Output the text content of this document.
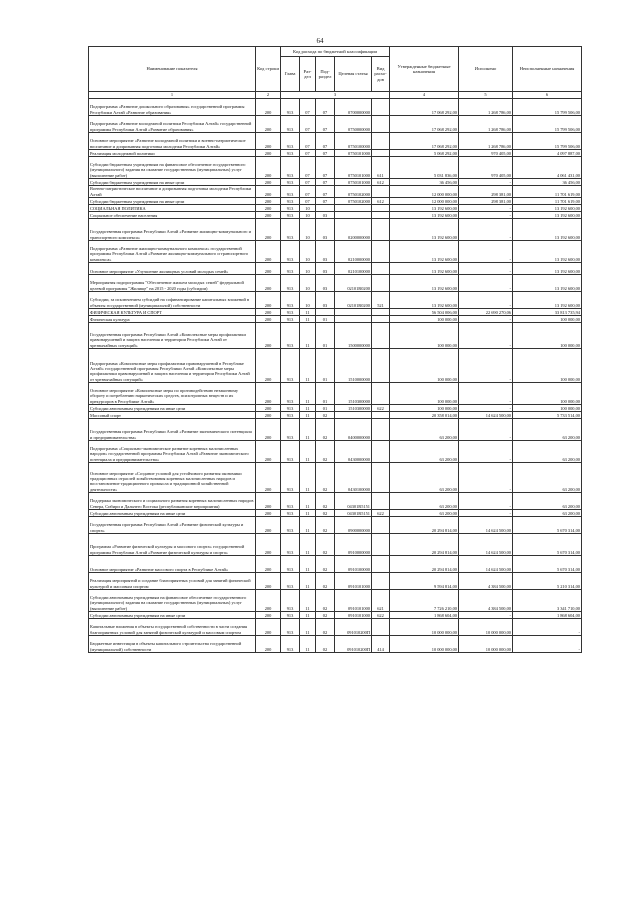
64
Наименование показателя	Код строки	Код расхода по бюджетной классификации					Утвержденные бюджетные назначения	Исполнено	Неисполненные назначения
		Главa	Раз-дел	Под-раздел	Целевая статья	Вид расхо-дов			
1	2	3					4	5	6
Подпрограмма «Развитие дошкольного образования» государственной программы Республики Алтай «Развитие образования»	200	913	07	07	0700000000		17 068 292,00	1 268 786,00	15 799 506,00
Подпрограмма «Развитие молодежной политики Республики Алтай» государственной программы Республики Алтай «Развитие образования»	200	913	07	07	0750000000		17 068 292,00	1 268 786,00	15 799 506,00
Основное мероприятие «Развитие молодежной политики и военно-патриотическое воспитание и допризывная подготовка молодежи Республики Алтай»	200	913	07	07	0750100000		17 068 292,00	1 268 786,00	15 799 506,00
Реализация молодежной политики	200	913	07	07	0750101000		5 068 292,00	970 405,00	4 097 887,00
Субсидии бюджетным учреждениям на финансовое обеспечение государственного (муниципального) задания на оказание государственных (муниципальных) услуг (выполнение работ)	200	913	07	07	0750101000	611	5 031 836,00	970 405,00	4 061 431,00
Субсидии бюджетным учреждениям на иные цели	200	913	07	07	0750101000	612	36 456,00	-	36 456,00
Военно-патриотическое воспитание и допризывная подготовка молодежи Республики Алтай	200	913	07	07	0750102000		12 000 000,00	298 381,00	11 701 619,00
Субсидии бюджетным учреждениям на иные цели	200	913	07	07	0750102000	612	12 000 000,00	298 381,00	11 701 619,00
СОЦИАЛЬНАЯ ПОЛИТИКА	200	913	10				13 192 600,00	-	13 192 600,00
Социальное обеспечение населения	200	913	10	03			13 192 600,00	-	13 192 600,00
Государственная программа Республики Алтай «Развитие жилищно-коммунального и транспортного комплекса»	200	913	10	03	0200000000		13 192 600,00	-	13 192 600,00
Подпрограмма «Развитие жилищно-коммунального комплекса» государственной программы Республики Алтай «Развитие жилищно-коммунального и транспортного комплекса»	200	913	10	03	0210000000		13 192 600,00	-	13 192 600,00
Основное мероприятие «Улучшение жилищных условий молодых семей»	200	913	10	03	0210100000		13 192 600,00	-	13 192 600,00
Мероприятия подпрограммы "Обеспечение жильем молодых семей" федеральной целевой программы "Жилище" на 2015 - 2020 годы (субсидии)	200	913	10	03	02101R0200		13 192 600,00	-	13 192 600,00
Субсидии, за исключением субсидий на софинансирование капитальных вложений в объекты государственной (муниципальной) собственности	200	913	10	03	02101R0200	521	13 192 600,00	-	13 192 600,00
ФИЗИЧЕСКАЯ КУЛЬТУРА И СПОРТ	200	913	11				56 504 006,00	22 690 270,06	33 813 735,94
Физическая культура	200	913	11	01			100 000,00	-	100 000,00
Государственная программа Республики Алтай «Комплексные меры профилактики правонарушений и защита населения и территории Республики Алтай от чрезвычайных ситуаций»	200	913	11	01	1500000000		100 000,00	-	100 000,00
Подпрограмма «Комплексные меры профилактики правонарушений в Республике Алтай» государственной программы Республики Алтай «Комплексные меры профилактики правонарушений и защита населения и территории Республики Алтай от чрезвычайных ситуаций»	200	913	11	01	1510000000		100 000,00	-	100 000,00
Основное мероприятие «Комплексные меры по противодействию незаконному обороту и потреблению наркотических средств, психотропных веществ и их прекурсоров в Республике Алтай»	200	913	11	01	1510300000		100 000,00	-	100 000,00
Субсидии автономным учреждениям на иные цели	200	913	11	01	1510300000	622	100 000,00	-	100 000,00
Массовый спорт	200	913	11	02			20 358 014,00	14 624 500,00	5 733 514,00
Государственная программа Республики Алтай «Развитие экономического потенциала и предпринимательства»	200	913	11	02	0400000000		63 200,00	-	63 200,00
Подпрограмма «Социально-экономическое развитие коренных малочисленных народов» государственной программы Республики Алтай «Развитие экономического потенциала и предпринимательства»	200	913	11	02	0430000000		63 200,00	-	63 200,00
Основное мероприятие «Создание условий для устойчивого развития экономики традиционных отраслей хозяйствования коренных малочисленных народов и восстановление традиционного промысла и традиционной хозяйственной деятельности»	200	913	11	02	0430100000		63 200,00	-	63 200,00
Поддержка экономического и социального развития коренных малочисленных народов Севера, Сибири и Дальнего Востока (республиканские мероприятия)	200	913	11	02	04301R5151		63 200,00	-	63 200,00
Субсидии автономным учреждениям на иные цели	200	913	11	02	04301R5151	622	63 200,00	-	63 200,00
Государственная программа Республики Алтай «Развитие физической культуры и спорта»	200	913	11	02	0900000000		20 294 814,00	14 624 500,00	5 670 314,00
Программа «Развитие физической культуры и массового спорта» государственной программы Республики Алтай «Развитие физической культуры и спорта»	200	913	11	02	0910000000		20 294 814,00	14 624 500,00	5 670 314,00
Основное мероприятие «Развитие массового спорта в Республике Алтай»	200	913	11	02	0910100000		20 294 814,00	14 624 500,00	5 670 314,00
Реализация мероприятий и создание благоприятных условий для занятий физической культурой и массовым спортом	200	913	11	02	0910101000		9 594 814,00	4 384 500,00	5 210 314,00
Субсидии автономным учреждениям на финансовое обеспечение государственного (муниципального) задания на оказание государственных (муниципальных) услуг (выполнение работ)	200	913	11	02	0910101000	621	7 726 210,00	4 384 500,00	3 341 710,00
Субсидии автономным учреждениям на иные цели	200	913	11	02	0910101000	622	1 868 604,00	-	1 868 604,00
Капитальные вложения в объекты государственной собственности в части создания благоприятных условий для занятий физической культурой и массовым спортом	200	913	11	02	091010200П		10 000 000,00	10 000 000,00	-
Бюджетные инвестиции в объекты капитального строительства государственной (муниципальной) собственности	200	913	11	02	091010200П	414	10 000 000,00	10 000 000,00	-
